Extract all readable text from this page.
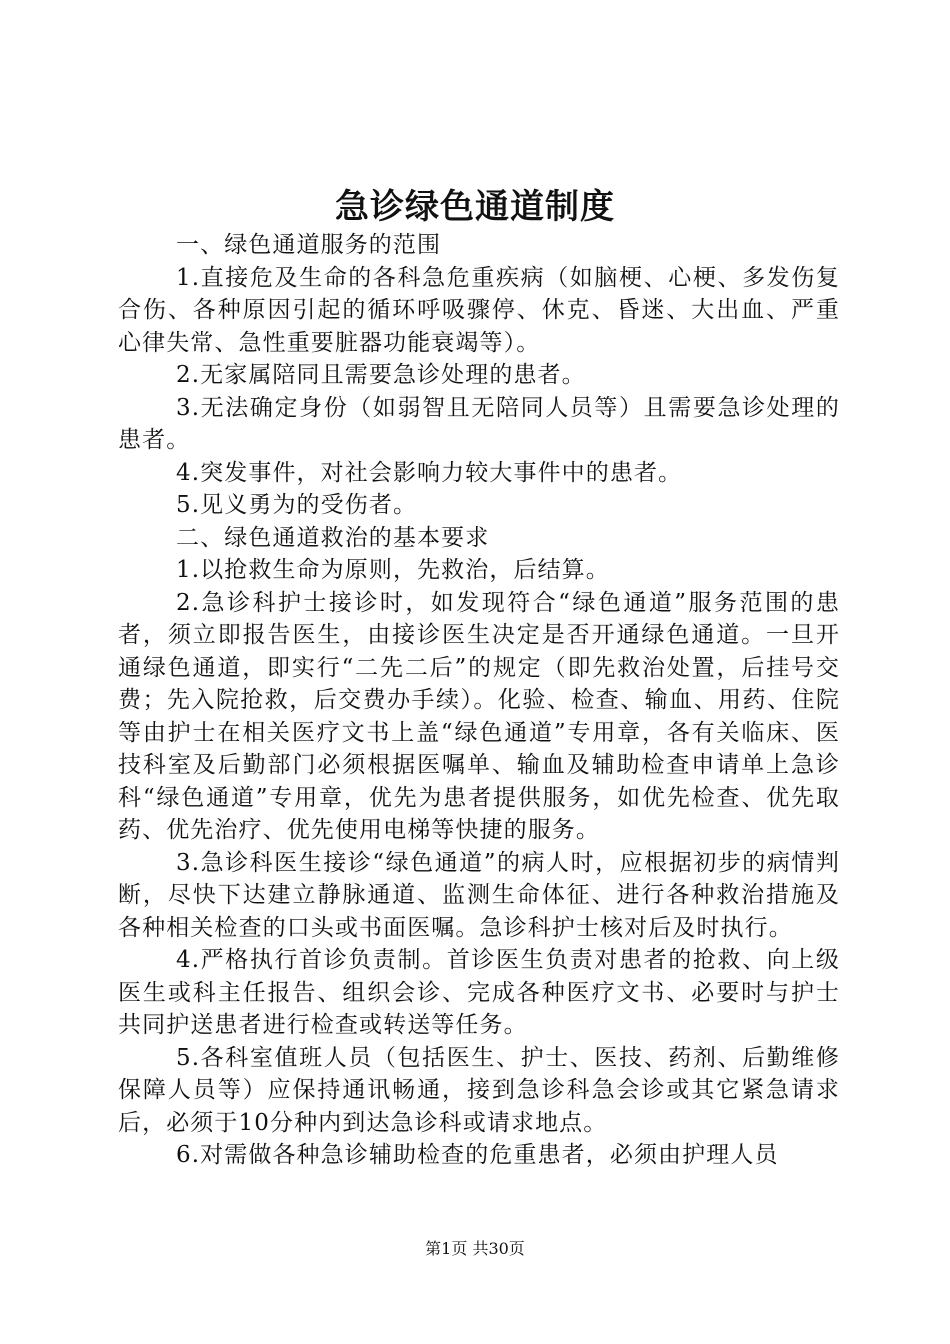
急诊绿色通道制度

一、绿色通道服务的范围

1.直接危及生命的各科急危重疾病（如脑梗、心梗、多发伤复合伤、各种原因引起的循环呼吸骤停、休克、昏迷、大出血、严重心律失常、急性重要脏器功能衰竭等）。

2.无家属陪同且需要急诊处理的患者。

3.无法确定身份（如弱智且无陪同人员等）且需要急诊处理的患者。

4.突发事件，对社会影响力较大事件中的患者。

5.见义勇为的受伤者。

二、绿色通道救治的基本要求

1.以抢救生命为原则，先救治，后结算。

2.急诊科护士接诊时，如发现符合“绿色通道”服务范围的患者，须立即报告医生，由接诊医生决定是否开通绿色通道。一旦开通绿色通道，即实行“二先二后”的规定（即先救治处置，后挂号交费；先入院抢救，后交费办手续）。化验、检查、输血、用药、住院等由护士在相关医疗文书上盖“绿色通道”专用章，各有关临床、医技科室及后勤部门必须根据医嘱单、输血及辅助检查申请单上急诊科“绿色通道”专用章，优先为患者提供服务，如优先检查、优先取药、优先治疗、优先使用电梯等快捷的服务。

3.急诊科医生接诊“绿色通道”的病人时，应根据初步的病情判断，尽快下达建立静脉通道、监测生命体征、进行各种救治措施及各种相关检查的口头或书面医嘱。急诊科护士核对后及时执行。

4.严格执行首诊负责制。首诊医生负责对患者的抢救、向上级医生或科主任报告、组织会诊、完成各种医疗文书、必要时与护士共同护送患者进行检查或转送等任务。

5.各科室值班人员（包括医生、护士、医技、药剂、后勤维修保障人员等）应保持通讯畅通，接到急诊科急会诊或其它紧急请求后，必须于10分种内到达急诊科或请求地点。

6.对需做各种急诊辅助检查的危重患者，必须由护理人员

第1页 共30页
